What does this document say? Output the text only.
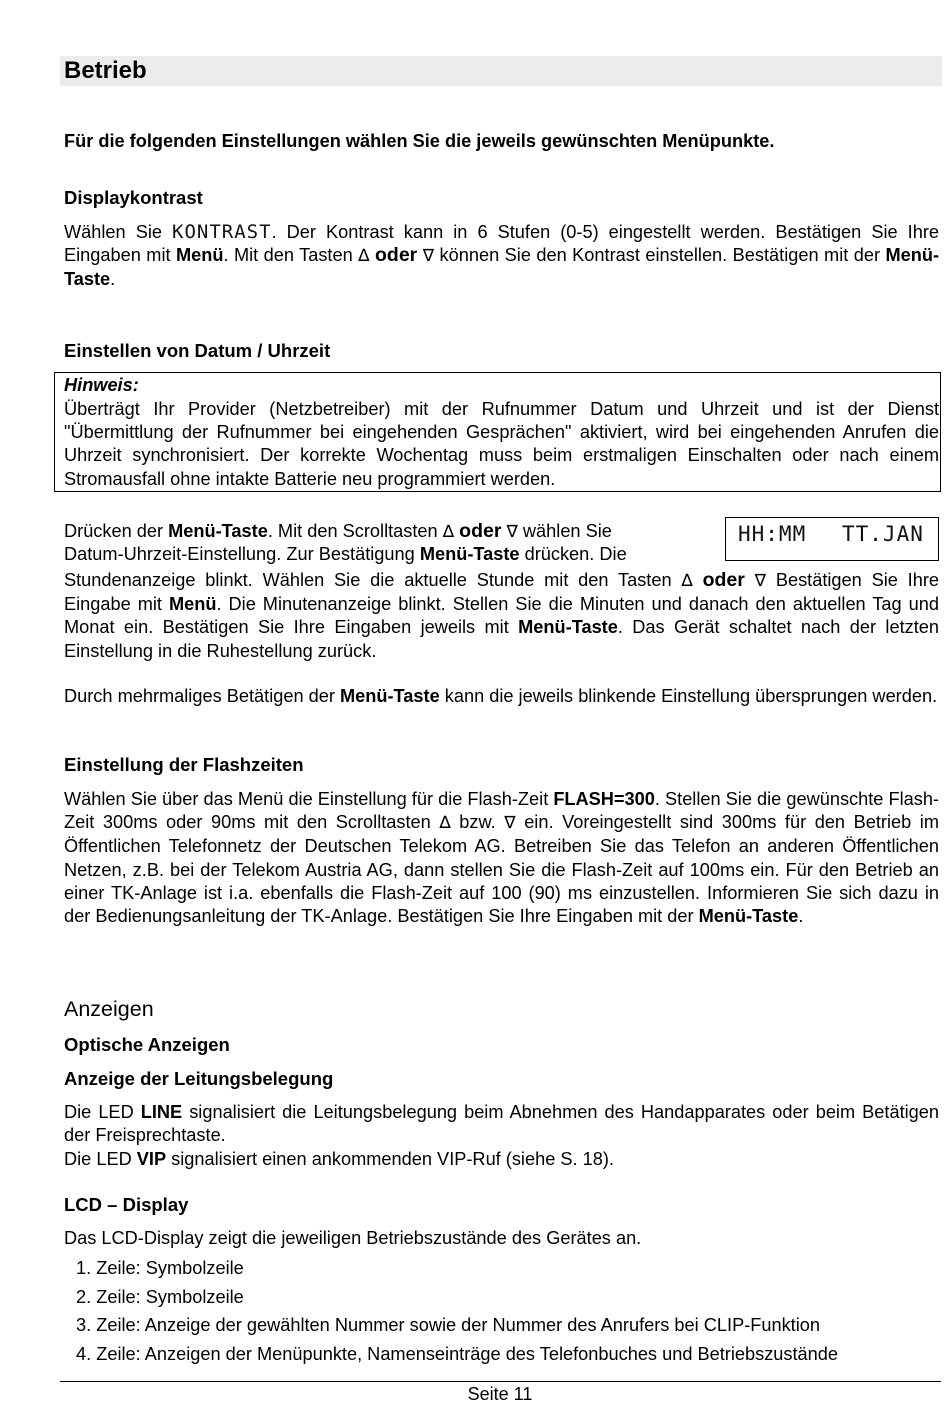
Betrieb
Für die folgenden Einstellungen wählen Sie die jeweils gewünschten Menüpunkte.
Displaykontrast
Wählen Sie KONTRAST. Der Kontrast kann in 6 Stufen (0-5) eingestellt werden. Bestätigen Sie Ihre Eingaben mit Menü. Mit den Tasten ∆ oder ∇ können Sie den Kontrast einstellen. Bestätigen mit der Menü-Taste.
Einstellen von Datum / Uhrzeit
Hinweis:
Überträgt Ihr Provider (Netzbetreiber) mit der Rufnummer Datum und Uhrzeit und ist der Dienst "Übermittlung der Rufnummer bei eingehenden Gesprächen" aktiviert, wird bei eingehenden Anrufen die Uhrzeit synchronisiert. Der korrekte Wochentag muss beim erstmaligen Einschalten oder nach einem Stromausfall ohne intakte Batterie neu programmiert werden.
HH:MM TT.JAN
Drücken der Menü-Taste. Mit den Scrolltasten ∆ oder ∇ wählen Sie
Datum-Uhrzeit-Einstellung. Zur Bestätigung Menü-Taste drücken. Die
Stundenanzeige blinkt. Wählen Sie die aktuelle Stunde mit den Tasten ∆ oder ∇ Bestätigen Sie Ihre Eingabe mit Menü. Die Minutenanzeige blinkt. Stellen Sie die Minuten und danach den aktuellen Tag und Monat ein. Bestätigen Sie Ihre Eingaben jeweils mit Menü-Taste. Das Gerät schaltet nach der letzten Einstellung in die Ruhestellung zurück.
Durch mehrmaliges Betätigen der Menü-Taste kann die jeweils blinkende Einstellung übersprungen werden.
Einstellung der Flashzeiten
Wählen Sie über das Menü die Einstellung für die Flash-Zeit FLASH=300. Stellen Sie die gewünschte Flash-Zeit 300ms oder 90ms mit den Scrolltasten ∆ bzw. ∇ ein. Voreingestellt sind 300ms für den Betrieb im Öffentlichen Telefonnetz der Deutschen Telekom AG. Betreiben Sie das Telefon an anderen Öffentlichen Netzen, z.B. bei der Telekom Austria AG, dann stellen Sie die Flash-Zeit auf 100ms ein. Für den Betrieb an einer TK-Anlage ist i.a. ebenfalls die Flash-Zeit auf 100 (90) ms einzustellen. Informieren Sie sich dazu in der Bedienungsanleitung der TK-Anlage. Bestätigen Sie Ihre Eingaben mit der Menü-Taste.
Anzeigen
Optische Anzeigen
Anzeige der Leitungsbelegung
Die LED LINE signalisiert die Leitungsbelegung beim Abnehmen des Handapparates oder beim Betätigen der Freisprechtaste.
Die LED VIP signalisiert einen ankommenden VIP-Ruf (siehe S. 18).
LCD – Display
Das LCD-Display zeigt die jeweiligen Betriebszustände des Gerätes an.
1. Zeile: Symbolzeile
2. Zeile: Symbolzeile
3. Zeile: Anzeige der gewählten Nummer sowie der Nummer des Anrufers bei CLIP-Funktion
4. Zeile: Anzeigen der Menüpunkte, Namenseinträge des Telefonbuches und Betriebszustände
Seite 11
